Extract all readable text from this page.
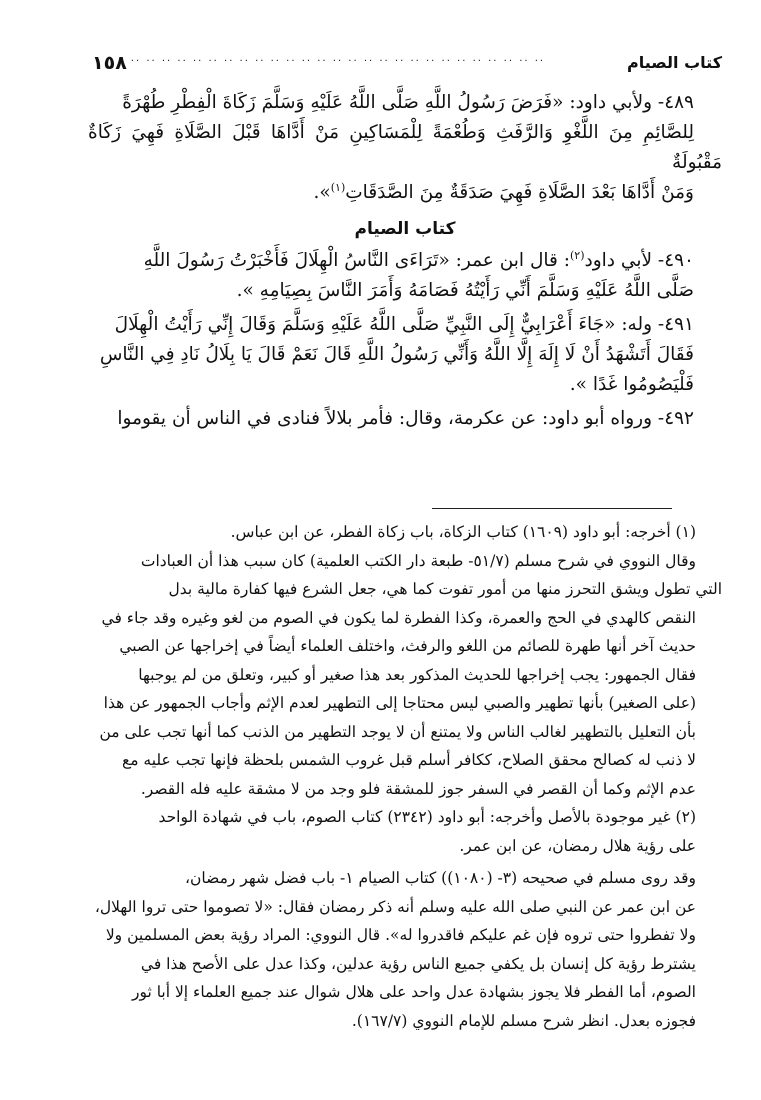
كتاب الصيام
.. .. .. .. .. .. .. .. .. .. .. .. .. .. .. .. .. .. .. .. .. .. .. .. .. .. ..
١٥٨
٤٨٩- ولأبي داود: «فَرَضَ رَسُولُ اللَّهِ صَلَّى اللَّهُ عَلَيْهِ وَسَلَّمَ زَكَاةَ الْفِطْرِ طُهْرَةً
لِلصَّائِمِ مِنَ اللَّغْوِ وَالرَّفَثِ وَطُعْمَةً لِلْمَسَاكِينِ مَنْ أَدَّاهَا قَبْلَ الصَّلَاةِ فَهِيَ زَكَاةٌ مَقْبُولَةٌ
وَمَنْ أَدَّاهَا بَعْدَ الصَّلَاةِ فَهِيَ صَدَقَةٌ مِنَ الصَّدَقَاتِ$^{(١)}$».
كتاب الصيام
٤٩٠- لأبي داود$^{(٢)}$: قال ابن عمر: «تَرَاءَى النَّاسُ الْهِلَالَ فَأَخْبَرْتُ رَسُولَ اللَّهِ
صَلَّى اللَّهُ عَلَيْهِ وَسَلَّمَ أَنِّي رَأَيْتُهُ فَصَامَهُ وَأَمَرَ النَّاسَ بِصِيَامِهِ ».
٤٩١- وله: «جَاءَ أَعْرَابِيٌّ إِلَى النَّبِيِّ صَلَّى اللَّهُ عَلَيْهِ وَسَلَّمَ وَقَالَ إِنِّي رَأَيْتُ الْهِلَالَ
فَقَالَ أَتَشْهَدُ أَنْ لَا إِلَهَ إِلَّا اللَّهُ وَأَنِّي رَسُولُ اللَّهِ قَالَ نَعَمْ قَالَ يَا بِلَالُ نَادِ فِي النَّاسِ
فَلْيَصُومُوا غَدًا ».
٤٩٢- ورواه أبو داود: عن عكرمة، وقال: فأمر بلالاً فنادى في الناس أن يقوموا
(١) أخرجه: أبو داود (١٦٠٩) كتاب الزكاة، باب زكاة الفطر، عن ابن عباس.
وقال النووي في شرح مسلم (٥١/٧- طبعة دار الكتب العلمية) كان سبب هذا أن العبادات
التي تطول ويشق التحرز منها من أمور تفوت كما هي، جعل الشرع فيها كفارة مالية بدل
النقص كالهدي في الحج والعمرة، وكذا الفطرة لما يكون في الصوم من لغو وغيره وقد جاء في
حديث آخر أنها طهرة للصائم من اللغو والرفث، واختلف العلماء أيضاً في إخراجها عن الصبي
فقال الجمهور: يجب إخراجها للحديث المذكور بعد هذا صغير أو كبير، وتعلق من لم يوجبها
(على الصغير) بأنها تطهير والصبي ليس محتاجا إلى التطهير لعدم الإثم وأجاب الجمهور عن هذا
بأن التعليل بالتطهير لغالب الناس ولا يمتنع أن لا يوجد التطهير من الذنب كما أنها تجب على من
لا ذنب له كصالح محقق الصلاح، ككافر أسلم قبل غروب الشمس بلحظة فإنها تجب عليه مع
عدم الإثم وكما أن القصر في السفر جوز للمشقة فلو وجد من لا مشقة عليه فله القصر.
(٢) غير موجودة بالأصل وأخرجه: أبو داود (٢٣٤٢) كتاب الصوم، باب في شهادة الواحد
على رؤية هلال رمضان، عن ابن عمر.
وقد روى مسلم في صحيحه (٣- (١٠٨٠)) كتاب الصيام ١- باب فضل شهر رمضان،
عن ابن عمر عن النبي صلى الله عليه وسلم أنه ذكر رمضان فقال: «لا تصوموا حتى تروا الهلال،
ولا تفطروا حتى تروه فإن غم عليكم فاقدروا له». قال النووي: المراد رؤية بعض المسلمين ولا
يشترط رؤية كل إنسان بل يكفي جميع الناس رؤية عدلين، وكذا عدل على الأصح هذا في
الصوم، أما الفطر فلا يجوز بشهادة عدل واحد على هلال شوال عند جميع العلماء إلا أبا ثور
فجوزه بعدل. انظر شرح مسلم للإمام النووي (١٦٧/٧).
